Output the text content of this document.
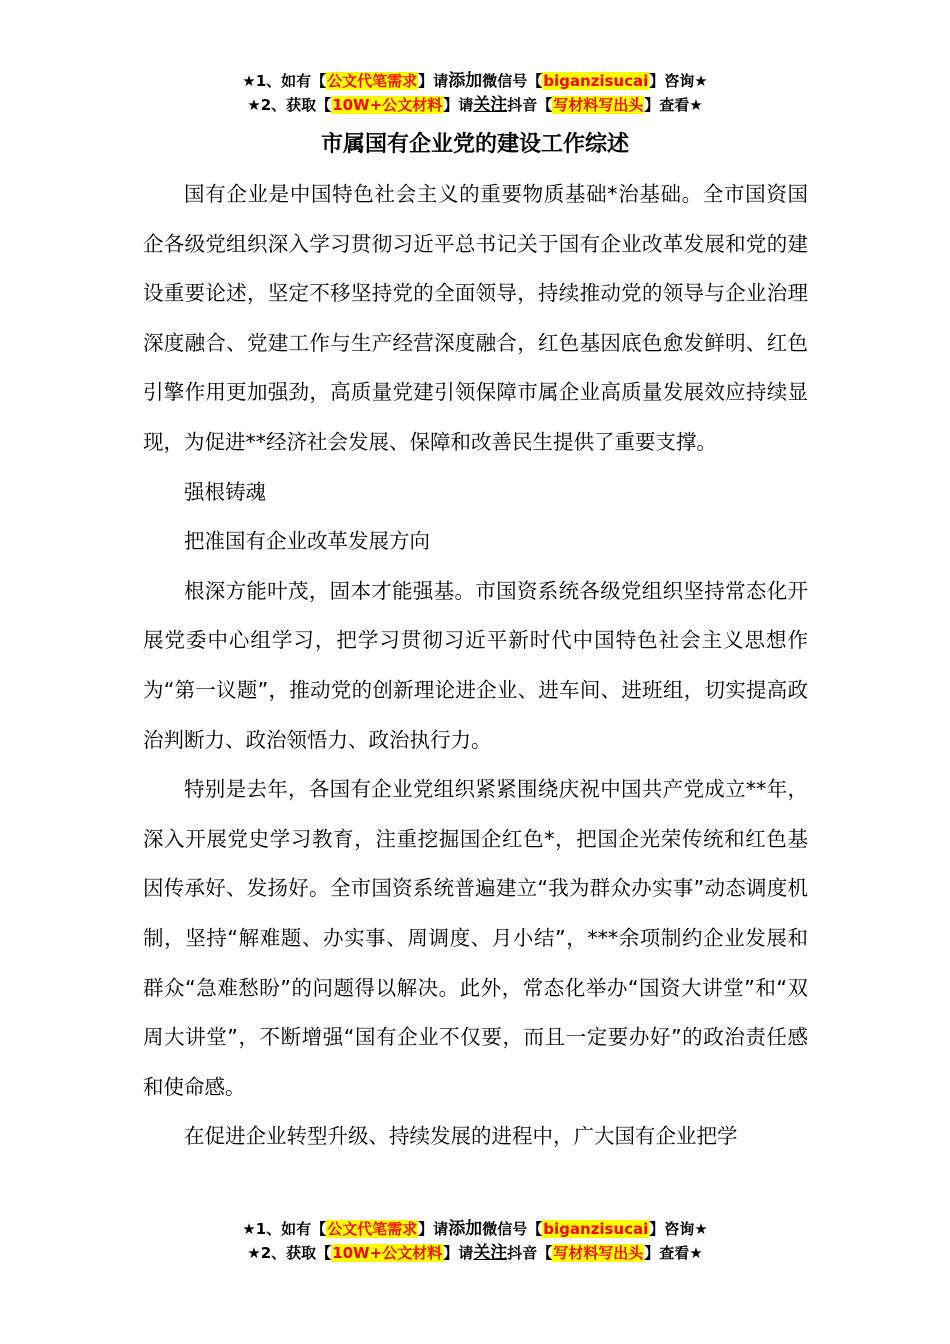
★1、如有【公文代笔需求】请添加微信号【biganzisucai】咨询★
★2、获取【10W+公文材料】请关注抖音【写材料写出头】查看★
市属国有企业党的建设工作综述

国有企业是中国特色社会主义的重要物质基础*治基础。全市国资国企各级党组织深入学习贯彻习近平总书记关于国有企业改革发展和党的建设重要论述，坚定不移坚持党的全面领导，持续推动党的领导与企业治理深度融合、党建工作与生产经营深度融合，红色基因底色愈发鲜明、红色引擎作用更加强劲，高质量党建引领保障市属企业高质量发展效应持续显现，为促进**经济社会发展、保障和改善民生提供了重要支撑。

强根铸魂

把准国有企业改革发展方向

根深方能叶茂，固本才能强基。市国资系统各级党组织坚持常态化开展党委中心组学习，把学习贯彻习近平新时代中国特色社会主义思想作为“第一议题”，推动党的创新理论进企业、进车间、进班组，切实提高政治判断力、政治领悟力、政治执行力。

特别是去年，各国有企业党组织紧紧围绕庆祝中国共产党成立**年，深入开展党史学习教育，注重挖掘国企红色*，把国企光荣传统和红色基因传承好、发扬好。全市国资系统普遍建立“我为群众办实事”动态调度机制，坚持“解难题、办实事、周调度、月小结”，***余项制约企业发展和群众“急难愁盼”的问题得以解决。此外，常态化举办“国资大讲堂”和“双周大讲堂”，不断增强“国有企业不仅要，而且一定要办好”的政治责任感和使命感。

在促进企业转型升级、持续发展的进程中，广大国有企业把学

★1、如有【公文代笔需求】请添加微信号【biganzisucai】咨询★
★2、获取【10W+公文材料】请关注抖音【写材料写出头】查看★
